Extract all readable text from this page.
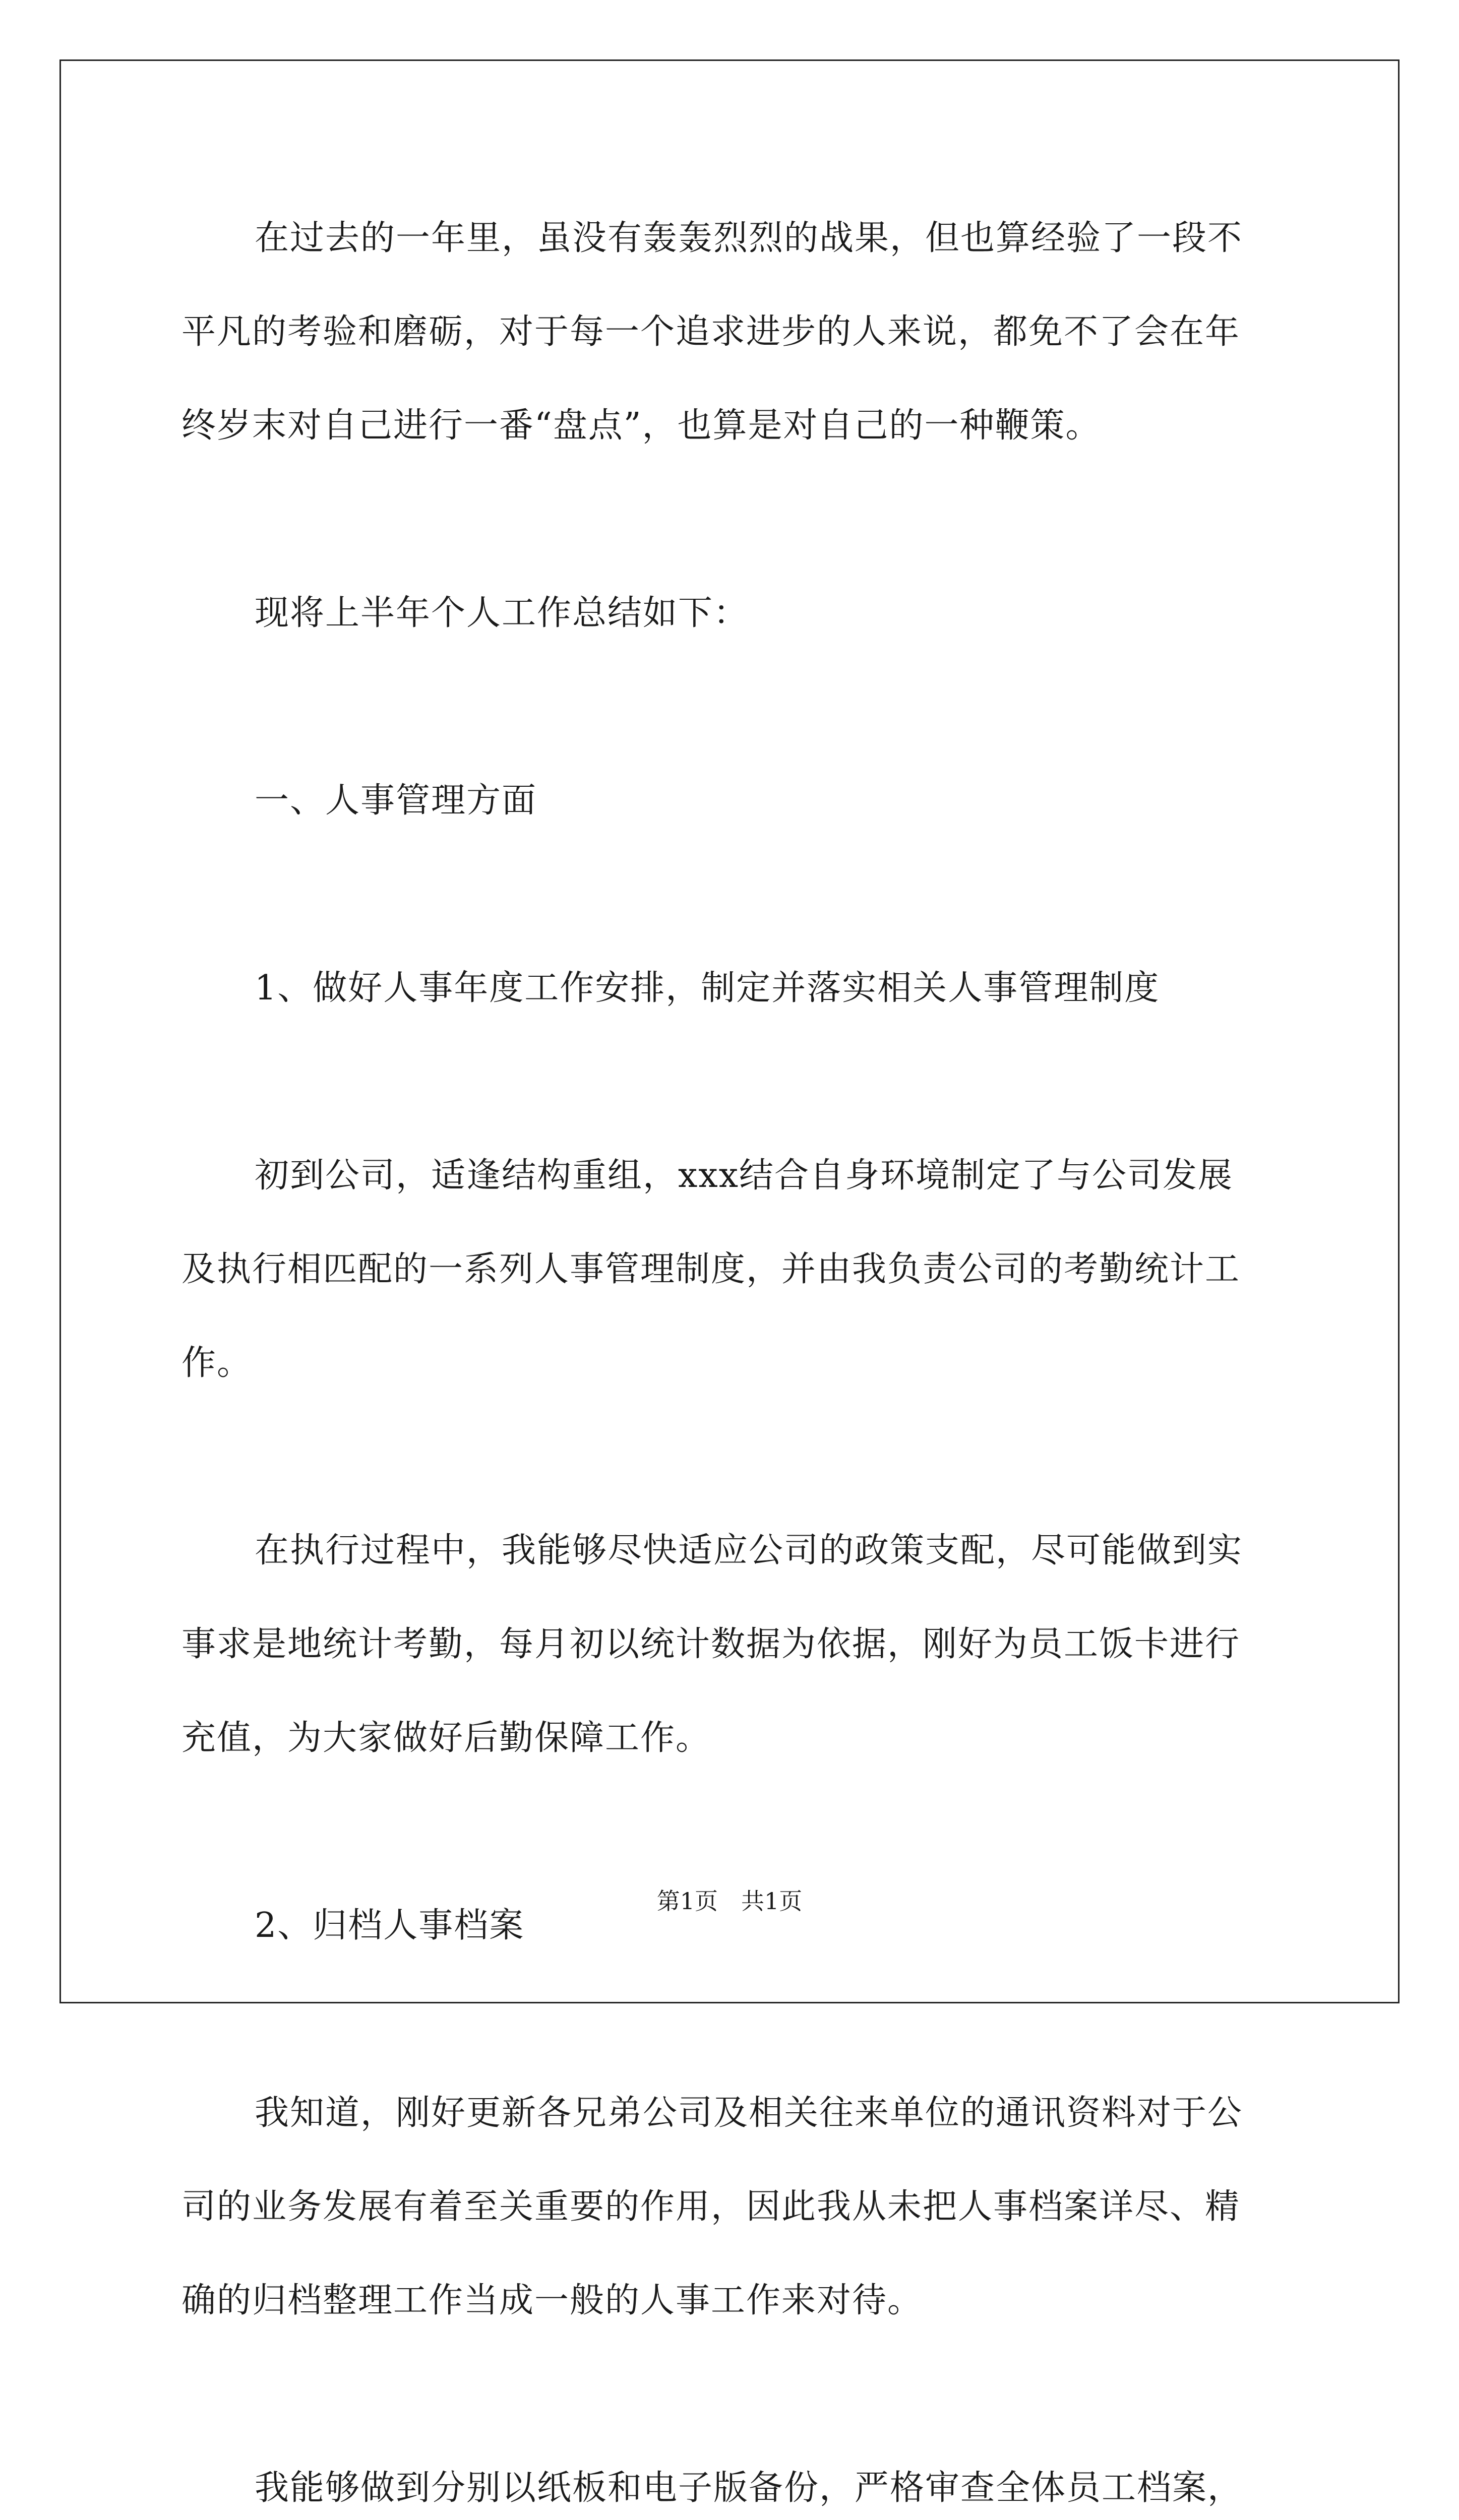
在过去的一年里，虽没有轰轰烈烈的战果，但也算经验了一段不
平凡的考验和磨砺，对于每一个追求进步的人来说，都免不了会在年
终岁末对自己进行一番“盘点”，也算是对自己的一种鞭策。
现将上半年个人工作总结如下：
一、人事管理方面
1、做好人事年度工作安排，制定并落实相关人事管理制度
初到公司，适逢结构重组，xxx结合自身环境制定了与公司发展
及执行相匹配的一系列人事管理制度，并由我负责公司的考勤统计工
作。
在执行过程中，我能够尽快适应公司的政策支配，尽可能做到实
事求是地统计考勤，每月初以统计数据为依据，刚好为员工饭卡进行
充值，为大家做好后勤保障工作。
2、归档人事档案
我知道，刚好更新各兄弟公司及相关往来单位的通讯资料对于公
司的业务发展有着至关重要的作用，因此我从未把人事档案详尽、精
确的归档整理工作当成一般的人事工作来对待。
我能够做到分别以纸板和电子版备份，严格审查全体员工档案，
第1页　共1页
